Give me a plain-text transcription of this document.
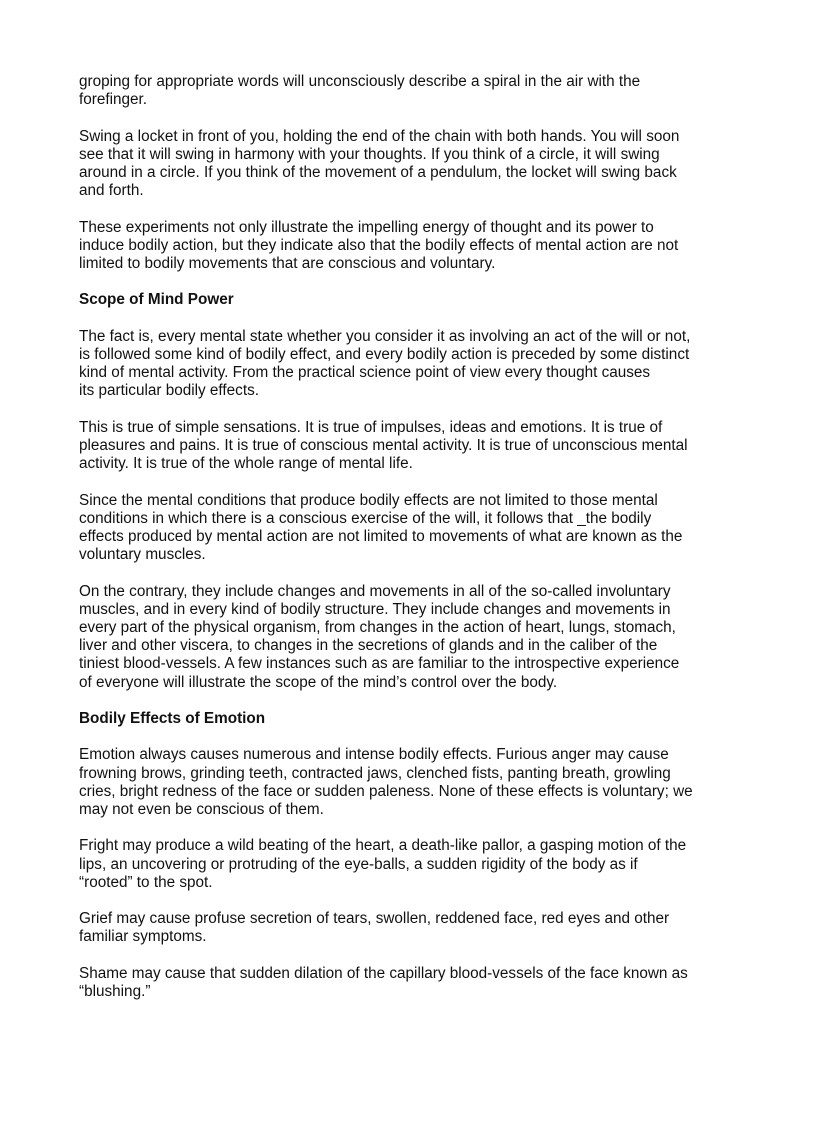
groping for appropriate words will unconsciously describe a spiral in the air with the
forefinger.

Swing a locket in front of you, holding the end of the chain with both hands. You will soon
see that it will swing in harmony with your thoughts. If you think of a circle, it will swing
around in a circle. If you think of the movement of a pendulum, the locket will swing back
and forth.

These experiments not only illustrate the impelling energy of thought and its power to
induce bodily action, but they indicate also that the bodily effects of mental action are not
limited to bodily movements that are conscious and voluntary.

Scope of Mind Power

The fact is, every mental state whether you consider it as involving an act of the will or not,
is followed some kind of bodily effect, and every bodily action is preceded by some distinct
kind of mental activity. From the practical science point of view every thought causes
its particular bodily effects.

This is true of simple sensations. It is true of impulses, ideas and emotions. It is true of
pleasures and pains. It is true of conscious mental activity. It is true of unconscious mental
activity. It is true of the whole range of mental life.

Since the mental conditions that produce bodily effects are not limited to those mental
conditions in which there is a conscious exercise of the will, it follows that _the bodily
effects produced by mental action are not limited to movements of what are known as the
voluntary muscles.

On the contrary, they include changes and movements in all of the so-called involuntary
muscles, and in every kind of bodily structure. They include changes and movements in
every part of the physical organism, from changes in the action of heart, lungs, stomach,
liver and other viscera, to changes in the secretions of glands and in the caliber of the
tiniest blood-vessels. A few instances such as are familiar to the introspective experience
of everyone will illustrate the scope of the mind’s control over the body.

Bodily Effects of Emotion

Emotion always causes numerous and intense bodily effects. Furious anger may cause
frowning brows, grinding teeth, contracted jaws, clenched fists, panting breath, growling
cries, bright redness of the face or sudden paleness. None of these effects is voluntary; we
may not even be conscious of them.

Fright may produce a wild beating of the heart, a death-like pallor, a gasping motion of the
lips, an uncovering or protruding of the eye-balls, a sudden rigidity of the body as if
“rooted” to the spot.

Grief may cause profuse secretion of tears, swollen, reddened face, red eyes and other
familiar symptoms.

Shame may cause that sudden dilation of the capillary blood-vessels of the face known as
“blushing.”
